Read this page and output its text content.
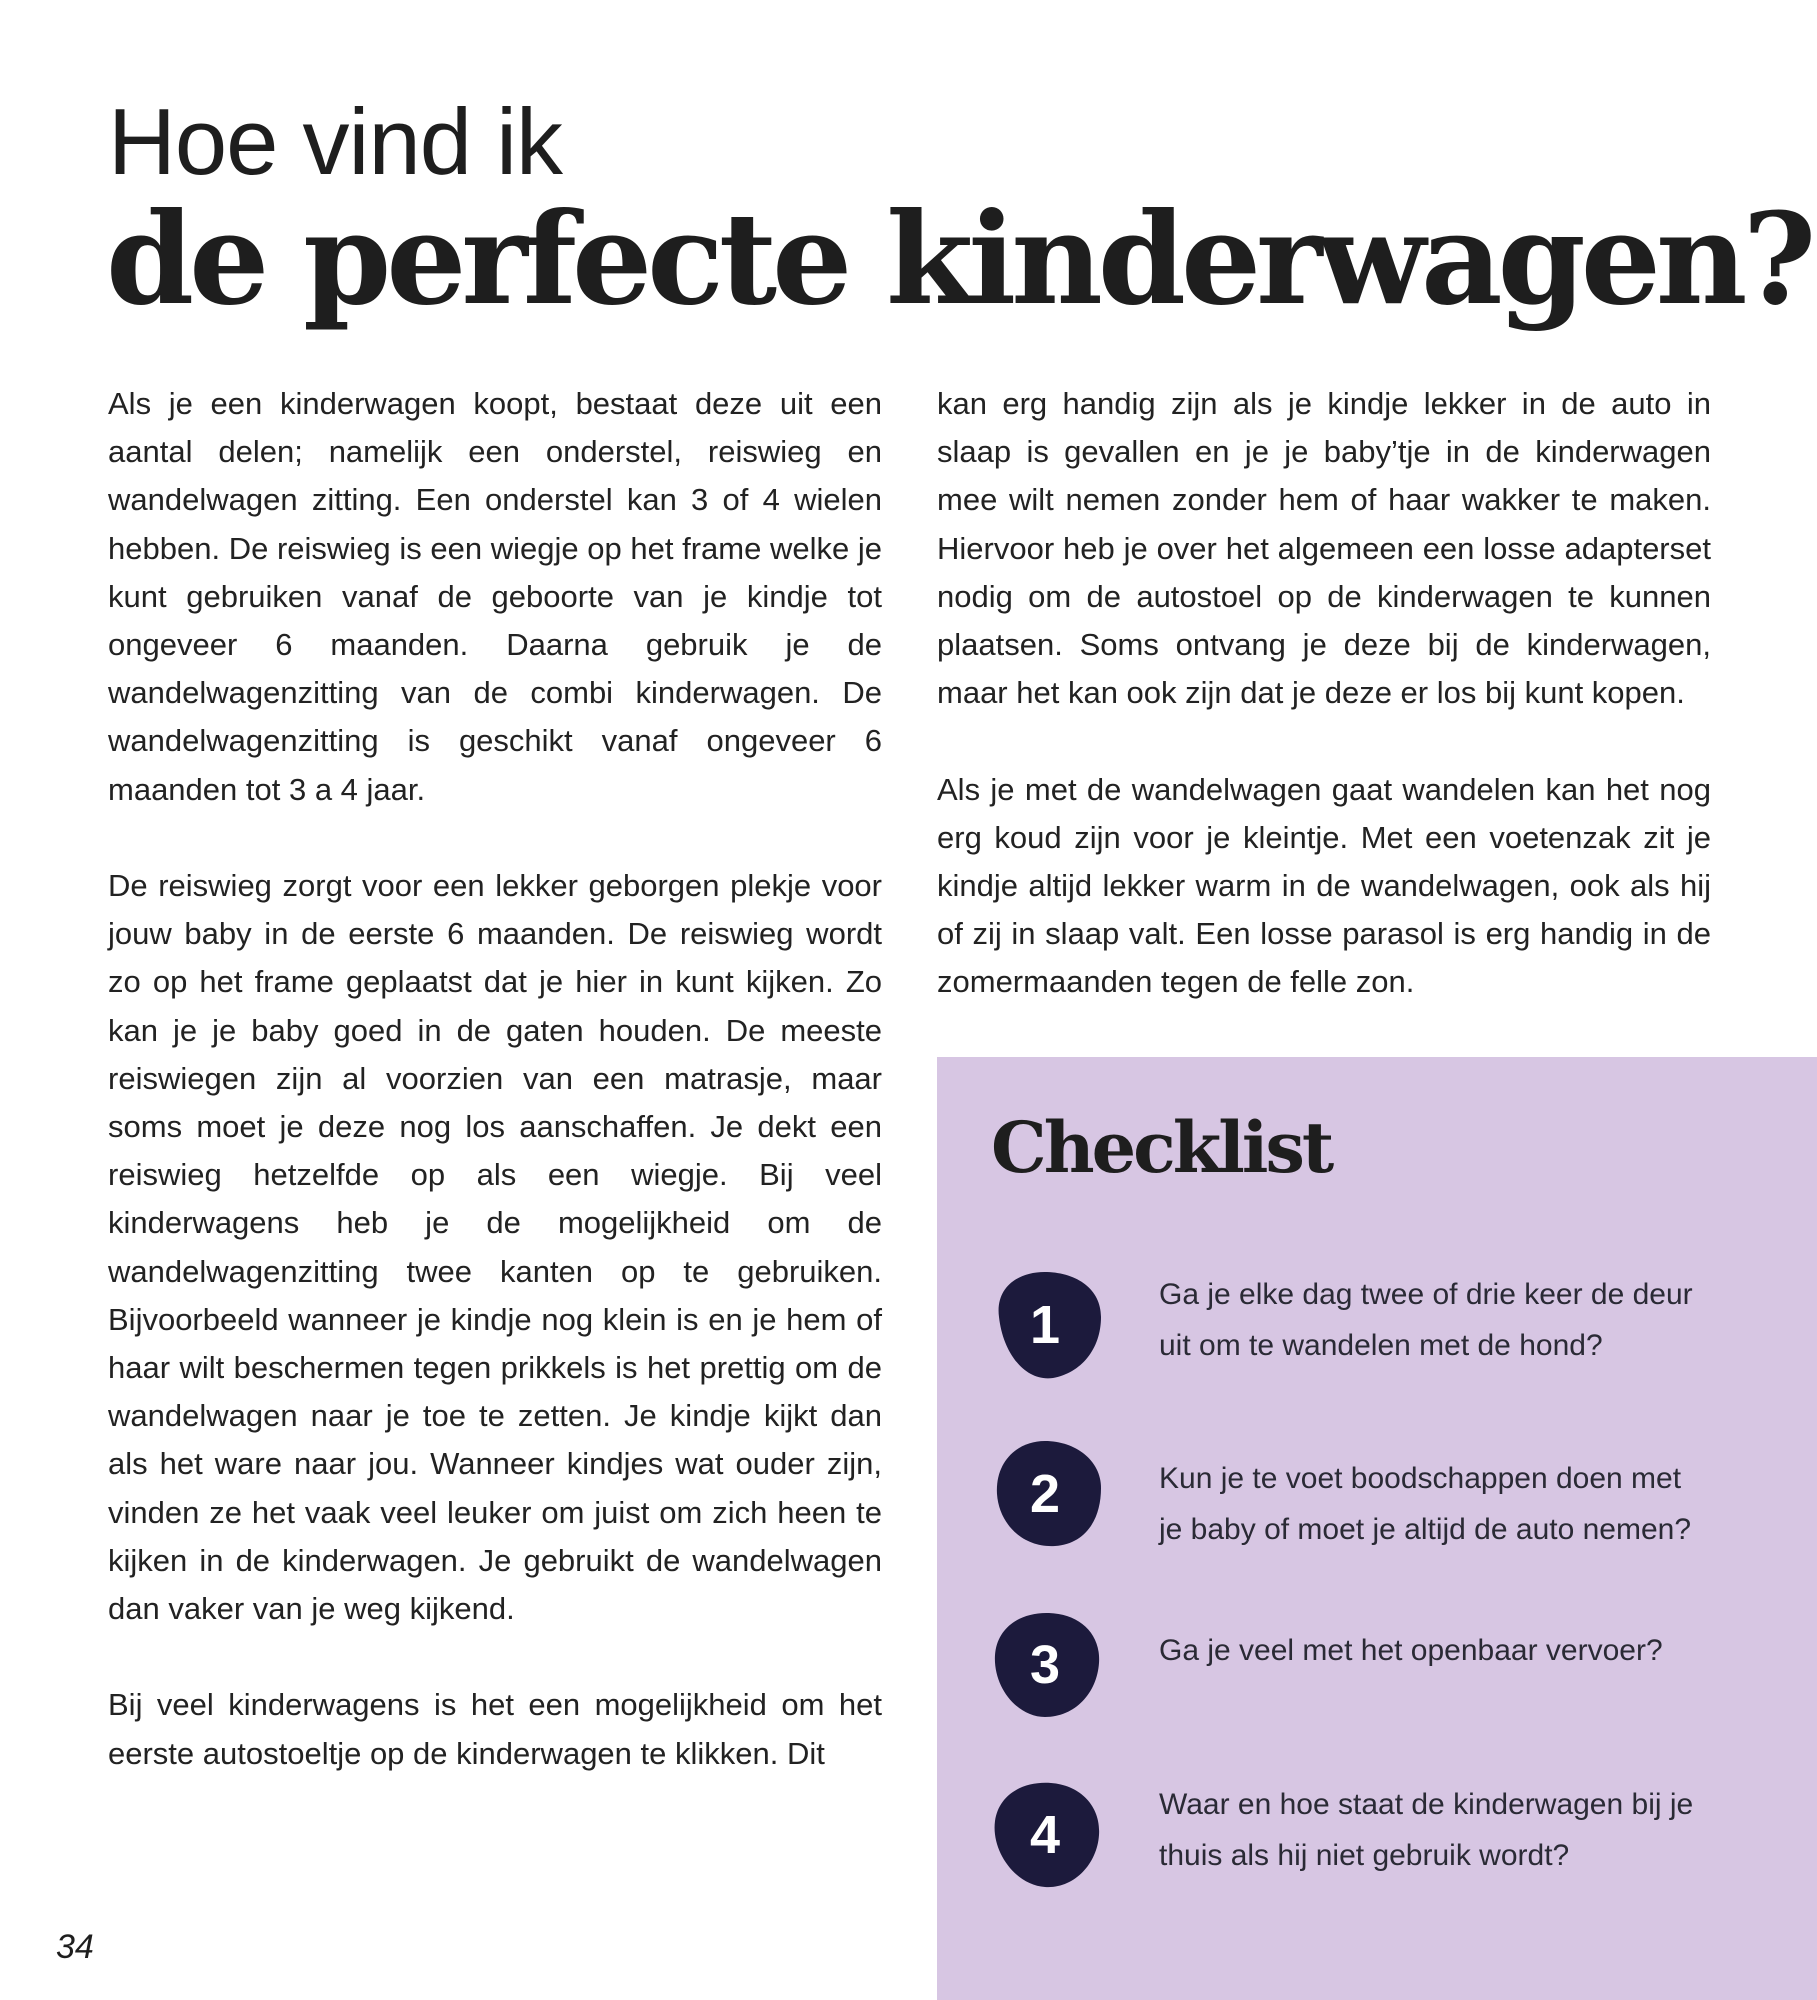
Hoe vind ik
de perfecte kinderwagen?

Als je een kinderwagen koopt, bestaat deze uit een aantal delen; namelijk een onderstel, reiswieg en wandelwagen zitting. Een onderstel kan 3 of 4 wielen hebben. De reiswieg is een wiegje op het frame welke je kunt gebruiken vanaf de geboorte van je kindje tot ongeveer 6 maanden. Daarna gebruik je de wandelwagenzitting van de combi kinderwagen. De wandelwagenzitting is geschikt vanaf ongeveer 6 maanden tot 3 a 4 jaar.

De reiswieg zorgt voor een lekker geborgen plekje voor jouw baby in de eerste 6 maanden. De reiswieg wordt zo op het frame geplaatst dat je hier in kunt kijken. Zo kan je je baby goed in de gaten houden. De meeste reiswiegen zijn al voorzien van een matrasje, maar soms moet je deze nog los aanschaffen. Je dekt een reiswieg hetzelfde op als een wiegje. Bij veel kinderwagens heb je de mogelijkheid om de wandelwagenzitting twee kanten op te gebruiken. Bijvoorbeeld wanneer je kindje nog klein is en je hem of haar wilt beschermen tegen prikkels is het prettig om de wandelwagen naar je toe te zetten. Je kindje kijkt dan als het ware naar jou. Wanneer kindjes wat ouder zijn, vinden ze het vaak veel leuker om juist om zich heen te kijken in de kinderwagen. Je gebruikt de wandelwagen dan vaker van je weg kijkend.

Bij veel kinderwagens is het een mogelijkheid om het eerste autostoeltje op de kinderwagen te klikken. Dit

kan erg handig zijn als je kindje lekker in de auto in slaap is gevallen en je je baby’tje in de kinderwagen mee wilt nemen zonder hem of haar wakker te maken. Hiervoor heb je over het algemeen een losse adapterset nodig om de autostoel op de kinderwagen te kunnen plaatsen. Soms ontvang je deze bij de kinderwagen, maar het kan ook zijn dat je deze er los bij kunt kopen.

Als je met de wandelwagen gaat wandelen kan het nog erg koud zijn voor je kleintje. Met een voetenzak zit je kindje altijd lekker warm in de wandelwagen, ook als hij of zij in slaap valt. Een losse parasol is erg handig in de zomermaanden tegen de felle zon.

Checklist
1
Ga je elke dag twee of drie keer de deur uit om te wandelen met de hond?
2	Kun je te voet boodschappen doen met je baby of moet je altijd de auto nemen?
3	Ga je veel met het openbaar vervoer?
4
Waar en hoe staat de kinderwagen bij je thuis als hij niet gebruik wordt?
34
